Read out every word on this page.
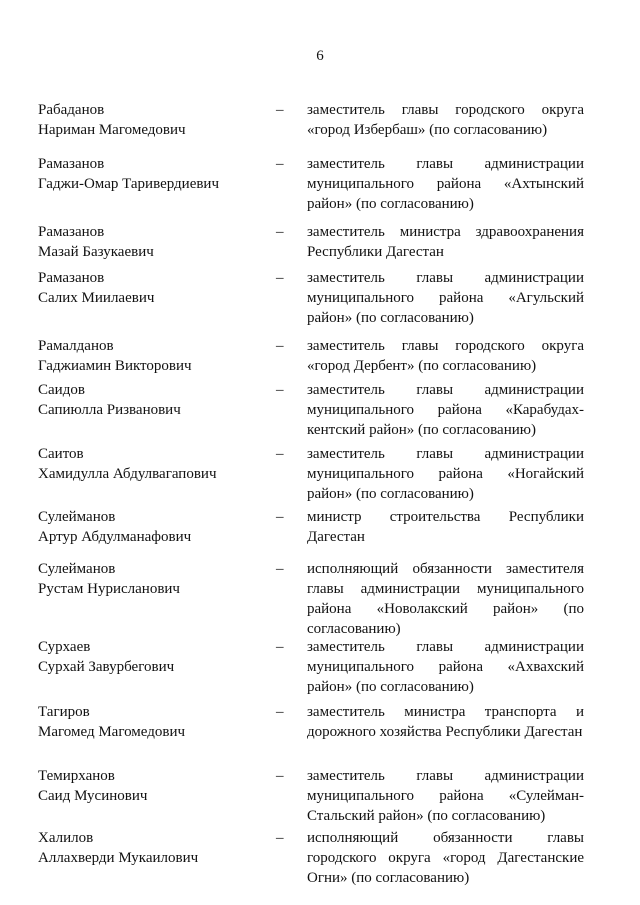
6
Рабаданов
Нариман Магомедович
– заместитель главы городского округа «город Избербаш» (по согласованию)
Рамазанов
Гаджи-Омар Таривердиевич
– заместитель главы администрации муниципального района «Ахтынский район» (по согласованию)
Рамазанов
Мазай Базукаевич
– заместитель министра здравоохранения Республики Дагестан
Рамазанов
Салих Миилаевич
– заместитель главы администрации муниципального района «Агульский район» (по согласованию)
Рамалданов
Гаджиамин Викторович
– заместитель главы городского округа «город Дербент» (по согласованию)
Саидов
Сапиюлла Ризванович
– заместитель главы администрации муниципального района «Карабудах-кентский район» (по согласованию)
Саитов
Хамидулла Абдулвагапович
– заместитель главы администрации муниципального района «Ногайский район» (по согласованию)
Сулейманов
Артур Абдулманафович
– министр строительства Республики Дагестан
Сулейманов
Рустам Нурисланович
– исполняющий обязанности заместителя главы администрации муниципального района «Новолакский район» (по согласованию)
Сурхаев
Сурхай Завурбегович
– заместитель главы администрации муниципального района «Ахвахский район» (по согласованию)
Тагиров
Магомед Магомедович
– заместитель министра транспорта и дорожного хозяйства Республики Дагестан
Темирханов
Саид Мусинович
– заместитель главы администрации муниципального района «Сулейман-Стальский район» (по согласованию)
Халилов
Аллахверди Мукаилович
– исполняющий обязанности главы городского округа «город Дагестанские Огни» (по согласованию)
